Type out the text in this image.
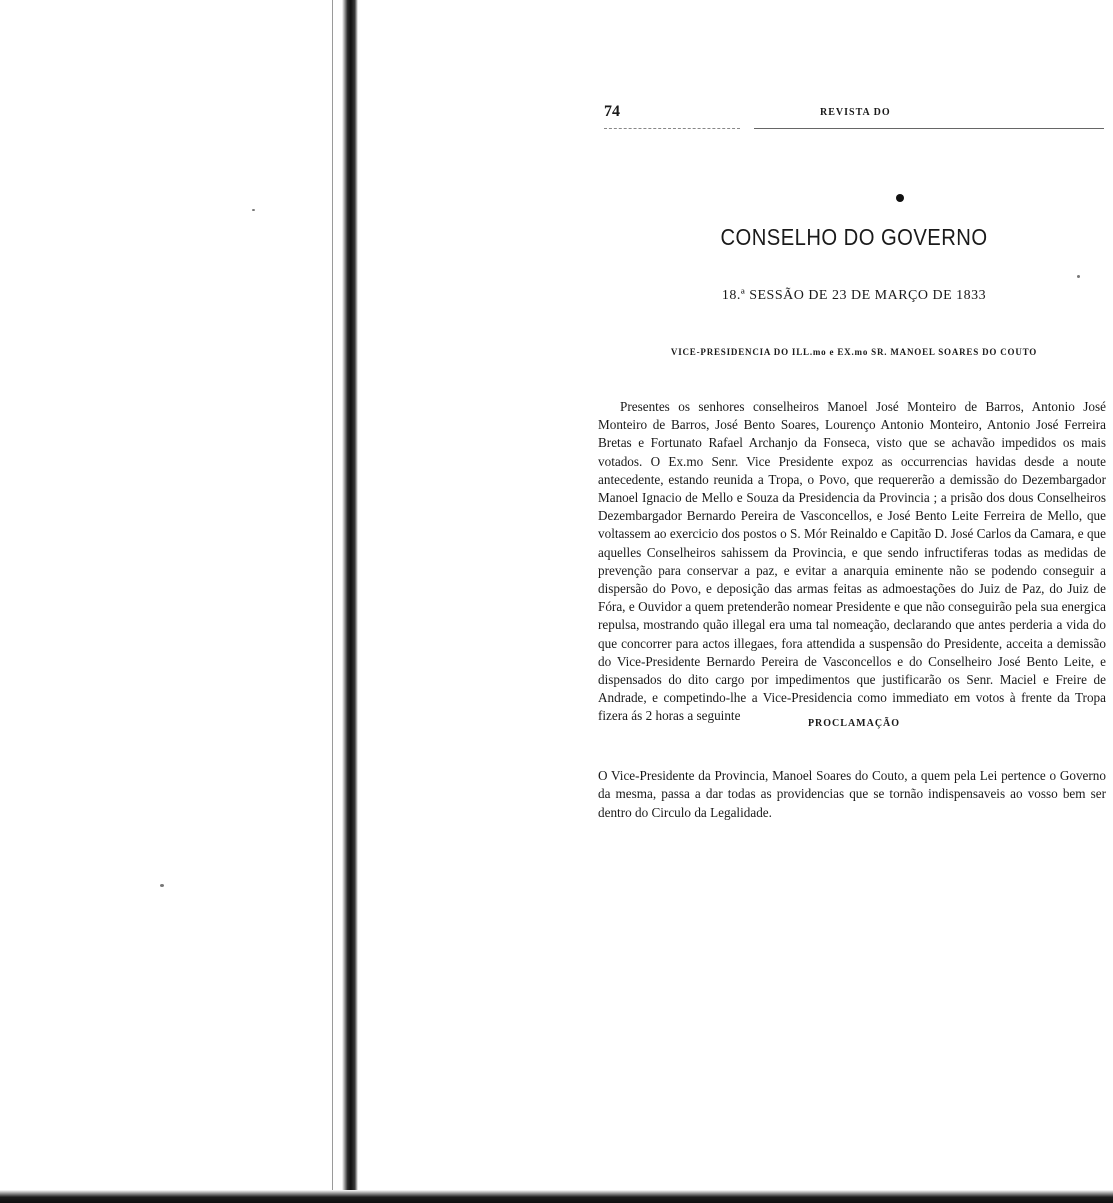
74	REVISTA DO
CONSELHO DO GOVERNO
18.ª SESSÃO DE 23 DE MARÇO DE 1833
VICE-PRESIDENCIA DO ILL.mo e EX.mo SR. MANOEL SOARES DO COUTO

Presentes os senhores conselheiros Manoel José Monteiro de Barros, Antonio José Monteiro de Barros, José Bento Soares, Lourenço Antonio Monteiro, Antonio José Ferreira Bretas e Fortunato Rafael Archanjo da Fonseca, visto que se achavão impedidos os mais votados. O Ex.mo Senr. Vice Presidente expoz as occurrencias havidas desde a noute antecedente, estando reunida a Tropa, o Povo, que requererão a demissão do Dezembargador Manoel Ignacio de Mello e Souza da Presidencia da Provincia ; a prisão dos dous Conselheiros Dezembargador Bernardo Pereira de Vasconcellos, e José Bento Leite Ferreira de Mello, que voltassem ao exercicio dos postos o S. Mór Reinaldo e Capitão D. José Carlos da Camara, e que aquelles Conselheiros sahissem da Provincia, e que sendo infructiferas todas as medidas de prevenção para conservar a paz, e evitar a anarquia eminente não se podendo conseguir a dispersão do Povo, e deposição das armas feitas as admoestações do Juiz de Paz, do Juiz de Fóra, e Ouvidor a quem pretenderão nomear Presidente e que não conseguirão pela sua energica repulsa, mostrando quão illegal era uma tal nomeação, declarando que antes perderia a vida do que concorrer para actos illegaes, fora attendida a suspensão do Presidente, acceita a demissão do Vice-Presidente Bernardo Pereira de Vasconcellos e do Conselheiro José Bento Leite, e dispensados do dito cargo por impedimentos que justificarão os Senr. Maciel e Freire de Andrade, e competindo-lhe a Vice-Presidencia como immediato em votos à frente da Tropa fizera ás 2 horas a seguinte

PROCLAMAÇÃO

O Vice-Presidente da Provincia, Manoel Soares do Couto, a quem pela Lei pertence o Governo da mesma, passa a dar todas as providencias que se tornão indispensaveis ao vosso bem ser dentro do Circulo da Legalidade.
